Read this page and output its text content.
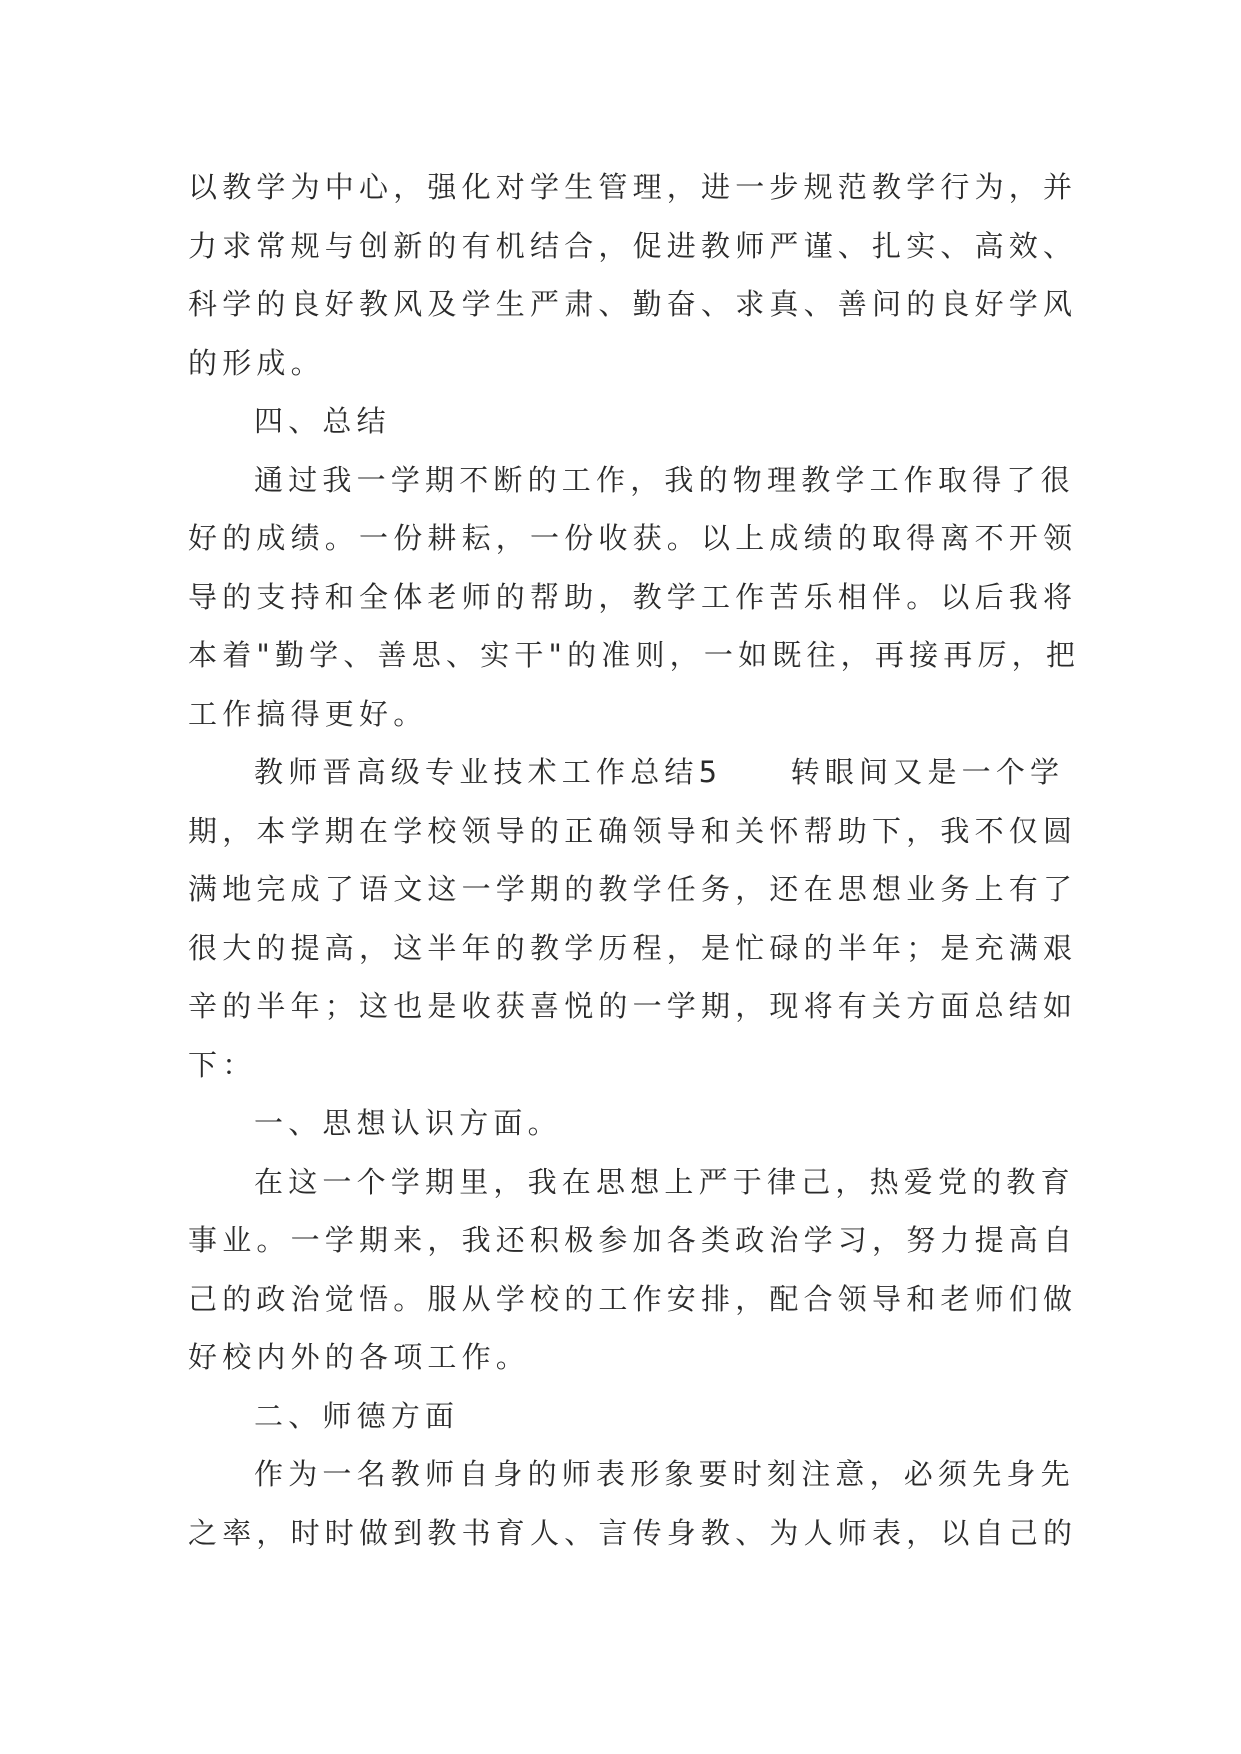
以教学为中心，强化对学生管理，进一步规范教学行为，并
力求常规与创新的有机结合，促进教师严谨、扎实、高效、
科学的良好教风及学生严肃、勤奋、求真、善问的良好学风
的形成。
四、总结
通过我一学期不断的工作，我的物理教学工作取得了很
好的成绩。一份耕耘，一份收获。以上成绩的取得离不开领
导的支持和全体老师的帮助，教学工作苦乐相伴。以后我将
本着"勤学、善思、实干"的准则，一如既往，再接再厉，把
工作搞得更好。
教师晋高级专业技术工作总结5　　转眼间又是一个学
期，本学期在学校领导的正确领导和关怀帮助下，我不仅圆
满地完成了语文这一学期的教学任务，还在思想业务上有了
很大的提高，这半年的教学历程，是忙碌的半年；是充满艰
辛的半年；这也是收获喜悦的一学期，现将有关方面总结如
下：
一、思想认识方面。
在这一个学期里，我在思想上严于律己，热爱党的教育
事业。一学期来，我还积极参加各类政治学习，努力提高自
己的政治觉悟。服从学校的工作安排，配合领导和老师们做
好校内外的各项工作。
二、师德方面
作为一名教师自身的师表形象要时刻注意，必须先身先
之率，时时做到教书育人、言传身教、为人师表，以自己的
